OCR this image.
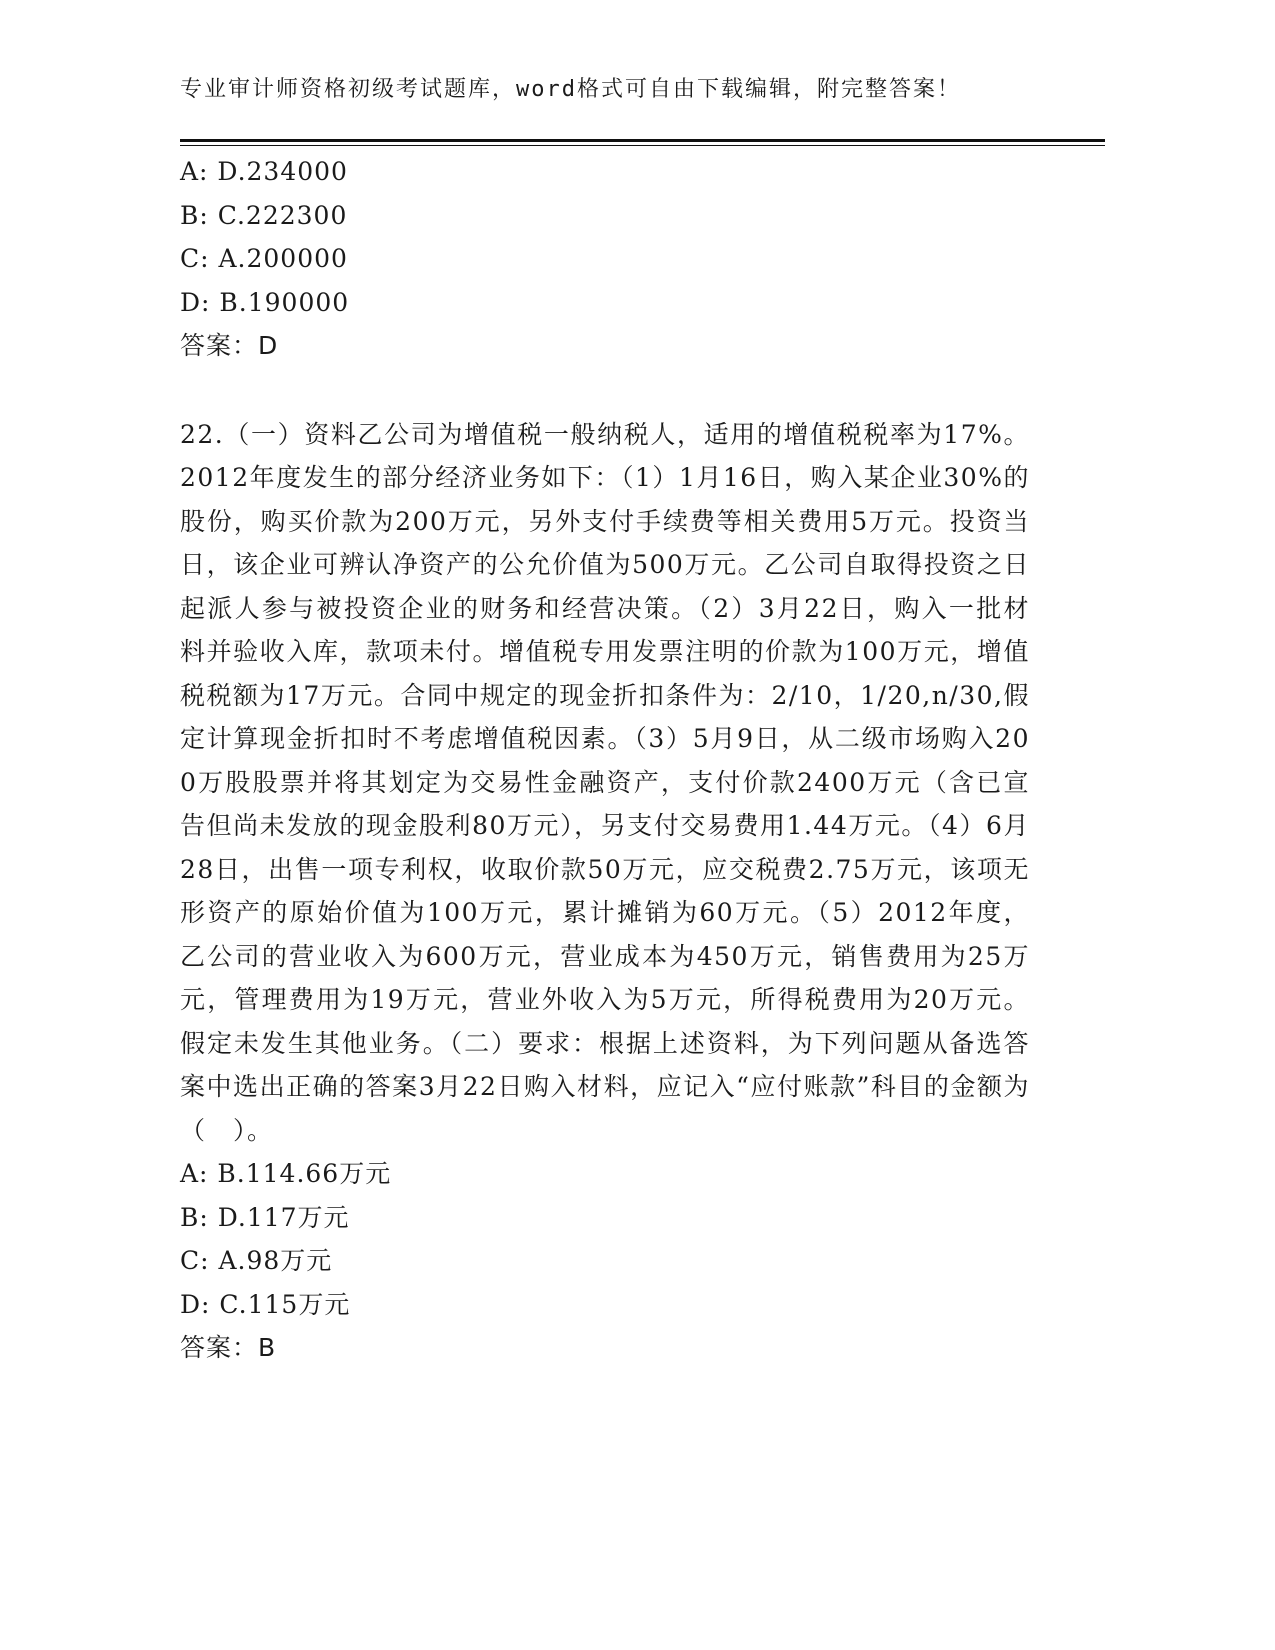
专业审计师资格初级考试题库，word格式可自由下载编辑，附完整答案！
A: D.234000
B: C.222300
C: A.200000
D: B.190000
答案：D
22.（一）资料乙公司为增值税一般纳税人，适用的增值税税率为17%。2012年度发生的部分经济业务如下：（1）1月16日，购入某企业30%的股份，购买价款为200万元，另外支付手续费等相关费用5万元。投资当日，该企业可辨认净资产的公允价值为500万元。乙公司自取得投资之日起派人参与被投资企业的财务和经营决策。（2）3月22日，购入一批材料并验收入库，款项未付。增值税专用发票注明的价款为100万元，增值税税额为17万元。合同中规定的现金折扣条件为：2/10，1/20,n/30,假定计算现金折扣时不考虑增值税因素。（3）5月9日，从二级市场购入200万股股票并将其划定为交易性金融资产，支付价款2400万元（含已宣告但尚未发放的现金股利80万元），另支付交易费用1.44万元。（4）6月28日，出售一项专利权，收取价款50万元，应交税费2.75万元，该项无形资产的原始价值为100万元，累计摊销为60万元。（5）2012年度，乙公司的营业收入为600万元，营业成本为450万元，销售费用为25万元，管理费用为19万元，营业外收入为5万元，所得税费用为20万元。假定未发生其他业务。（二）要求：根据上述资料，为下列问题从备选答案中选出正确的答案3月22日购入材料，应记入“应付账款”科目的金额为（　）。
A: B.114.66万元
B: D.117万元
C: A.98万元
D: C.115万元
答案：B
